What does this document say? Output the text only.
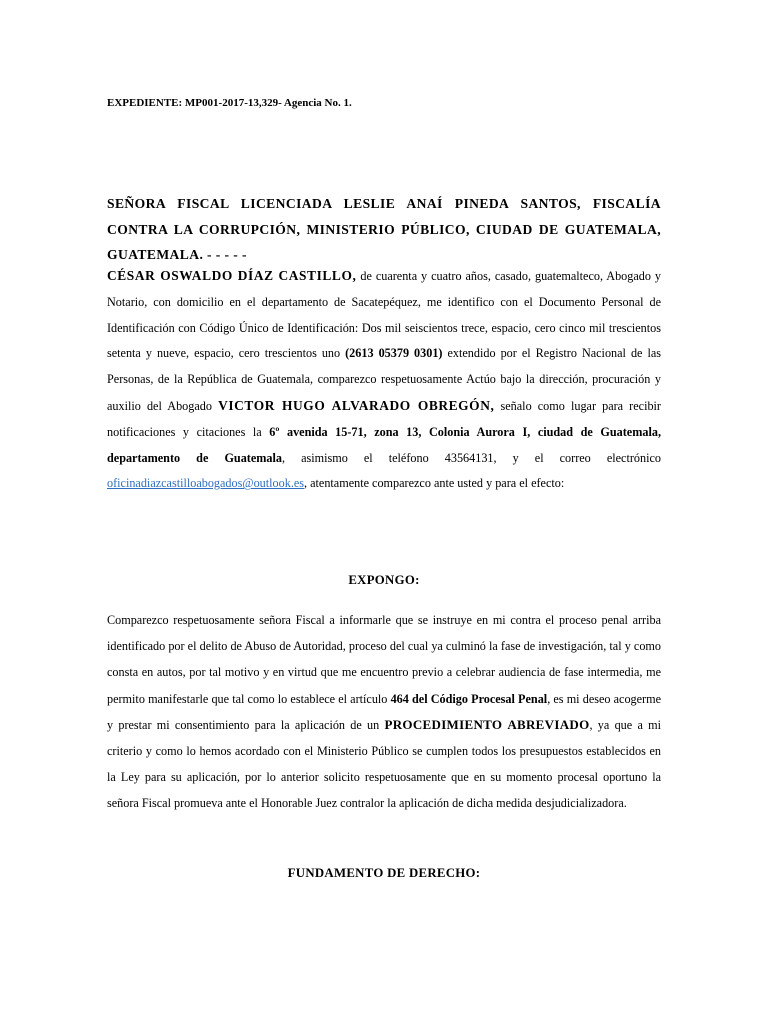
EXPEDIENTE: MP001-2017-13,329- Agencia No. 1.
SEÑORA FISCAL LICENCIADA LESLIE ANAÍ PINEDA SANTOS, FISCALÍA CONTRA LA CORRUPCIÓN, MINISTERIO PÚBLICO, CIUDAD DE GUATEMALA, GUATEMALA. - - - - -
CÉSAR OSWALDO DÍAZ CASTILLO, de cuarenta y cuatro años, casado, guatemalteco, Abogado y Notario, con domicilio en el departamento de Sacatepéquez, me identifico con el Documento Personal de Identificación con Código Único de Identificación: Dos mil seiscientos trece, espacio, cero cinco mil trescientos setenta y nueve, espacio, cero trescientos uno (2613 05379 0301) extendido por el Registro Nacional de las Personas, de la República de Guatemala, comparezco respetuosamente Actúo bajo la dirección, procuración y auxilio del Abogado VICTOR HUGO ALVARADO OBREGÓN, señalo como lugar para recibir notificaciones y citaciones la 6º avenida 15-71, zona 13, Colonia Aurora I, ciudad de Guatemala, departamento de Guatemala, asimismo el teléfono 43564131, y el correo electrónico oficinadiazcastilloabogados@outlook.es, atentamente comparezco ante usted y para el efecto:
EXPONGO:
Comparezco respetuosamente señora Fiscal a informarle que se instruye en mi contra el proceso penal arriba identificado por el delito de Abuso de Autoridad, proceso del cual ya culminó la fase de investigación, tal y como consta en autos, por tal motivo y en virtud que me encuentro previo a celebrar audiencia de fase intermedia, me permito manifestarle que tal como lo establece el artículo 464 del Código Procesal Penal, es mi deseo acogerme y prestar mi consentimiento para la aplicación de un PROCEDIMIENTO ABREVIADO, ya que a mi criterio y como lo hemos acordado con el Ministerio Público se cumplen todos los presupuestos establecidos en la Ley para su aplicación, por lo anterior solicito respetuosamente que en su momento procesal oportuno la señora Fiscal promueva ante el Honorable Juez contralor la aplicación de dicha medida desjudicializadora.
FUNDAMENTO DE DERECHO:
